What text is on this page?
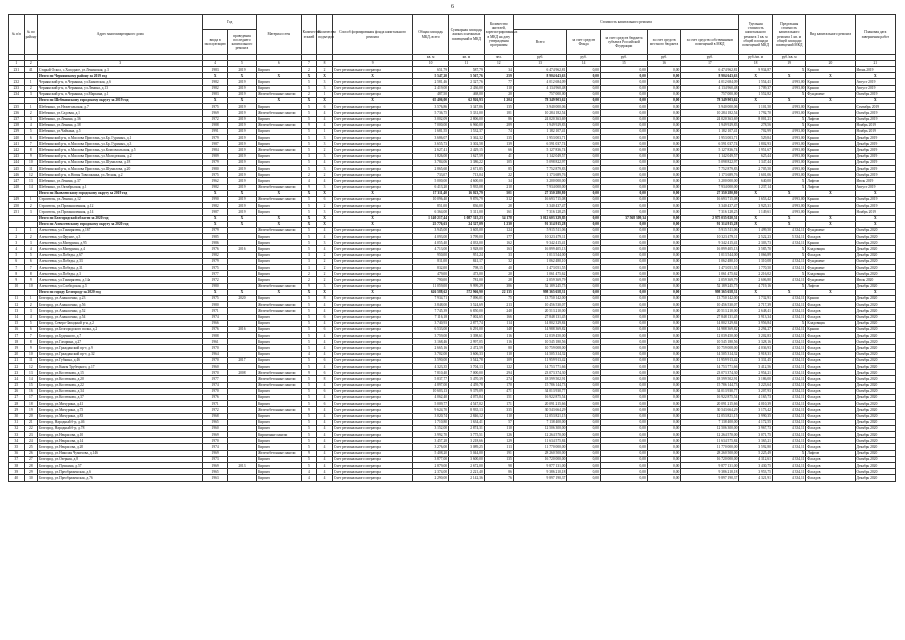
6
№ п/п	№ по району	Адрес многоквартирного дома	Год		Материал стен	Количество этажей	Количество подъездов	Способ формирования фонда капитального ремонта	Общая площадь МКД, всего	Суммарная площадь жилых и нежилых помещений в МКД	Количество жителей, зарегистрированных в МКД на дату утверждения программы	Стоимость капитального ремонта					Удельная стоимость капитального ремонта 1 кв. м общей площади помещений МКД	Предельная стоимость капитального ремонта 1 кв. м общей площади помещений МКД	Вид капитального ремонта	Плановая дата завершения работ
			ввода в эксплуатацию	проведения последнего капитального ремонта								Всего	за счет средств Фонда	за счет средств бюджета субъекта Российской Федерации	за счет средств местного бюджета	за счет средств собственников помещений в МКД				
									кв. м	кв. м	чел.	руб.	руб.	руб.	руб.	руб.	руб./кв. м	руб./кв. м		
1	2	3	4	5	6	7	8	9	10	11	12	13	14	15	16	17	18	19	20	21
231	41	Старый Оскол, с.Холодное, ул.Ленинская, д.3	1983	2019	Кирпич	2	2	Счет регионального оператора	651,79	587,79	34	6 474 962,81	0,00	0,00	0,00	6 474 962,81	9 934,87	X	Крыши	Июнь 2019
		Итого по Чернянскому району за 2019 год	X	X	X	X	X	X	5 547,20	5 567,76	259	8 904 643,63	0,00	0,00	0,00	8 904 643,63	X	X	X	X
232	1	Чернянский р-н, п.Чернянка, ул.Быковская, д.6	1982	2019	Кирпич	5	3	Счет регионального оператора	2 581,46	2 327,76	77	4 012 684,09	0,00	0,00	0,00	4 012 684,09	1 554,41	4 993,00	Крыши	Август 2019
233	2	Чернянский р-н, п.Чернянка, ул.Ленина, д.13	1982	2019	Кирпич	5	3	Счет регионального оператора	2 419,00	2 436,00	110	4 134 960,48	0,00	0,00	0,00	4 134 960,48	1 709,37	4 993,00	Крыши	Август 2019
234	3	Чернянский р-н, п.Чернянка, ул.Маркина, д.1	1983	2019	Железобетонные панели	2	1	Счет регионального оператора	487,50	468,00	20	757 000,00	0,00	0,00	0,00	757 000,00	1 552,82	X	Фундамент	Октябрь 2019
		Итого по Шебекинскому городскому округу за 2019 год	X	X	X	X	X	X	65 406,00	62 926,93	1 204	78 349 903,62	0,00	0,00	0,00	78 349 903,62	X	X	X	X
235	1	Шебекино, ул.Нежегольская, д.7	1975	2019	Кирпич	5	6	Счет регионального оператора	3 576,86	3 347,86	135	3 940 000,06	0,00	0,00	0,00	3 940 000,06	1 101,50	4 993,00	Крыши	Сентябрь 2019
236	2	Шебекино, ул.Садовая, д.1	1969	2019	Железобетонные панели	5	4	Счет регионального оператора	5 736,75	5 331,00	181	10 284 182,54	0,00	0,00	0,00	10 284 182,54	1 792,70	4 993,00	Крыши	Октябрь 2019
237	3	Шебекино, ул.Ленина, д.36	1972	2019	Кирпич	5	4	Счет регионального оператора	3 002,09	2 806,00	86	24 020 363,69	0,00	0,00	0,00	24 020 363,69	8 001,21	X	Лифтов	Октябрь 2019
238	4	Шебекино, ул.Ленина, д.38	1988	2019	Железобетонные панели	9	4	Счет регионального оператора	7 000,00	6 960,00	289	1 949 929,83	0,00	0,00	0,00	1 949 929,83	278,56	X	Крыши	Ноябрь 2019
239	5	Шебекино, ул.Чайкина, д.5	1991	2019	Кирпич	5	1	Счет регионального оператора	1 681,55	1 532,37	74	1 182 107,41	0,00	0,00	0,00	1 182 107,41	702,99	4 993,00	Крыши	Ноябрь 2019
240	6	Шебекинский р-н, п.Маслова Пристань, ул.Бр. Гуриных, д.1	1979	2019	Кирпич	5	3	Счет регионального оператора	3 686,07	3 362,32	135	1 953 003,71	0,00	0,00	0,00	1 953 003,71	529,84	4 993,00	Крыши	Декабрь 2019
241	7	Шебекинский р-н, п.Маслова Пристань, ул.Бр. Гуриных, д.3	1987	2019	Кирпич	5	3	Счет регионального оператора	3 655,73	3 302,58	139	6 591 037,74	0,00	0,00	0,00	6 591 037,74	1 802,93	4 993,00	Крыши	Декабрь 2019
242	8	Шебекинский р-н, п.Маслова Пристань, ул.Комсомольская, д.5	1984	2019	Железобетонные панели	5	2	Счет регионального оператора	2 627,41	2 429,15	66	5 127 836,74	0,00	0,00	0,00	5 127 836,74	1 951,67	4 993,00	Крыши	Декабрь 2019
243	9	Шебекинский р-н, п.Маслова Пристань, ул.Молодежная, д.2	1989	2019	Кирпич	3	3	Счет регионального оператора	1 826,00	1 627,59	41	1 142 049,57	0,00	0,00	0,00	1 142 049,57	625,44	4 993,00	Крыши	Декабрь 2019
244	10	Шебекинский р-н, п.Маслова Пристань, ул.Шумилова, д.18	1979	2019	Кирпич	5	4	Счет регионального оператора	3 784,06	3 386,22	105	5 098 822,97	0,00	0,00	0,00	5 098 822,97	1 347,44	4 993,00	Крыши	Декабрь 2019
245	11	Шебекинский р-н, п.Маслова Пристань, ул.Шумилова, д.20	1980	2019	Кирпич	5	3	Счет регионального оператора	2 865,60	2 671,85	85	7 752 879,83	0,00	0,00	0,00	7 752 879,83	2 705,50	4 993,00	Крыши	Декабрь 2019
246	12	Шебекинский р-н, п.Новая Таволжанка, ул.Лесная, д.2	1975	2019	Кирпич	2	2	Счет регионального оператора	733,07	713,04	22	1 173 689,76	0,00	0,00	0,00	1 173 689,76	1 601,06	4 993,00	Крыши	Октябрь 2019
247	13	Шебекино, ул.Ленина, д.37	1962	2019	Кирпич	4	4	Счет регионального оператора	5 000,00	4 600,00	34	3 200 000,00	0,00	0,00	0,00	3 200 000,00	640,00	X	Лифтов	Июль 2019
248	14	Шебекино, ул.Октябрьская, д.1	1982	2019	Железобетонные панели	9	3	Счет регионального оператора	6 413,20	5 935,08	210	7 934 000,00	0,00	0,00	0,00	7 934 000,00	1 237,14	X	Лифтов	Август 2019
		Итого по Яковлевскому городскому округу за 2019 год	X	X	X	X	X	X	17 311,40	16 023,79	501	27 350 280,80	0,00	0,00	0,00	27 350 280,80	X	X	X	X
249	1	Строитель, ул.Ленина, д.12	1990	2019	Железобетонные панели	5	6	Счет регионального оператора	10 096,40	9 876,79	312	16 693 715,08	0,00	0,00	0,00	16 693 715,08	1 653,42	4 993,00	Крыши	Октябрь 2019
250	2	Строитель, ул.Промышленная, д.12	1982	2019	Кирпич	5	2	Счет регионального оператора	851,00	836,00	28	3 340 437,47	0,00	0,00	0,00	3 340 437,47	3 925,31	4 993,00	Крыши	Октябрь 2019
251	3	Строитель, ул.Промышленная, д.14	1987	2019	Кирпич	5	3	Счет регионального оператора	6 364,00	5 311,00	161	7 316 128,25	0,00	0,00	0,00	7 316 128,25	1 149,61	4 993,00	Крыши	Ноябрь 2019
		Итого по Белгородской области за 2020 год	X	X	X	X	X	X	1 140 217,44	1 087 315,23	34 178	3 012 603 329,85	0,00	37 568 309,34	0,00	2 975 035 020,51	X	X	X	X
		Итого по Алексеевскому городскому округу за 2020 год	X	X	X	X	X	X	25 776,63	24 327,09	1 230	91 314 915,28	0,00	0,00	0,00	91 314 915,28	X	X	X	X
1	1	Алексеевка, ул.Тимирязева, д.167	1979		Железобетонные панели	5	4	Счет регионального оператора	3 945,00	3 605,00	124	5 915 511,06	0,00	0,00	0,00	5 915 511,06	1 499,50	4 334,11	Фундамент	Октябрь 2020
2	2	Алексеевка, ул.Фрунзе, д.3	1985		Кирпич	5	4	Счет регионального оператора	4 093,00	3 799,00	177	10 323 479,11	0,00	0,00	0,00	10 323 479,11	2 522,23	5 334,11	Фасадов	Октябрь 2020
3	3	Алексеевка, ул.Мичурина, д.95	1986		Кирпич	5	3	Счет регионального оператора	4 055,40	4 033,00	162	9 342 415,41	0,00	0,00	0,00	9 342 415,41	2 303,73	4 334,11	Крыши	Октябрь 2020
4	4	Алексеевка, ул.Мичурина, д.4	1976	2016	Кирпич	5	4	Счет регионального оператора	4 713,00	3 928,00	163	16 899 405,13	0,00	0,00	0,00	16 899 405,13	3 585,70	X	Кладовщик	Декабрь 2020
5	5	Алексеевка, ул.Победы, д.67	1982		Кирпич	3	2	Счет регионального оператора	950,00	951,24	33	1 013 544,00	0,00	0,00	0,00	1 013 544,00	1 066,89	X	Фасадов	Декабрь 2020
6	6	Алексеевка, ул.Победы, д.33	1979		Кирпич	3	2	Счет регионального оператора	811,00	841,17	32	1 062 480,10	0,00	0,00	0,00	1 062 480,10	1 310,08	4 334,11	Фундамент	Октябрь 2020
7	7	Алексеевка, ул.Победы, д.31	1975		Кирпич	3	2	Счет регионального оператора	832,00	798,15	40	1 473 051,55	0,00	0,00	0,00	1 473 051,55	1 770,50	4 334,11	Фундамент	Октябрь 2020
8	8	Алексеевка, ул.Победы, д.3	1977		Кирпич	2	2	Счет регионального оператора	479,00	473,00	20	1 061 475,62	0,00	0,00	0,00	1 061 475,62	2 216,02	X	Кладовщик	Октябрь 2020
9	9	Алексеевка, ул.Тимирязева, д.14а	1972		Кирпич	2	2	Счет регионального оператора	790,00	781,00	28	2 059 369,79	0,00	0,00	0,00	2 059 369,79	2 606,80	4 334,11	Фундамент	Июль 2020
10	10	Алексеевка, ул.Слободская, д.5	1980		Железобетонные панели	9	3	Счет регионального оператора	11 059,00	9 999,29	386	52 189 245,75	0,00	0,00	0,00	52 189 245,75	4 719,16	X	Лифтов	Декабрь 2020
		Итого по городу Белгороду за 2020 год	X	X	X	X	X	X	626 588,62	572 966,90	22 135	998 365 658,31	0,00	0,00	0,00	998 365 658,31	X	X	X	X
11	1	Белгород, ул.Апанасенко, д.23	1975	2020	Кирпич	5	8	Счет регионального оператора	7 934,71	7 096,01	75	13 750 142,00	0,00	0,00	0,00	13 750 142,00	1 732,91	4 334,11	Крыши	Декабрь 2020
12	2	Белгород, ул.Апанасенко, д.56	1980		Железобетонные панели	5	4	Счет регионального оператора	3 848,00	3 524,69	213	10 456 530,07	0,00	0,00	0,00	10 456 530,07	2 717,39	4 334,11	Фасадов	Октябрь 2020
13	3	Белгород, ул.Апанасенко, д.52	1971		Железобетонные панели	5	4	Счет регионального оператора	7 745,39	6 850,00	248	20 513 210,00	0,00	0,00	0,00	20 513 210,00	2 648,41	4 334,11	Фасадов	Декабрь 2020
14	4	Белгород, ул.Апанасенко, д.54	1974		Кирпич	5	6	Счет регионального оператора	7 116,18	7 002,65	166	27 848 131,45	0,00	0,00	0,00	27 848 131,45	3 913,34	4 334,11	Фасадов	Октябрь 2020
15	5	Белгород, Северо-Западный р-н, д.2	1966		Кирпич	5	4	Счет регионального оператора	3 740,93	2 877,74	114	14 802 329,84	0,00	0,00	0,00	14 802 329,84	3 956,84	X	Кладовщик	Декабрь 2020
16	6	Белгород, ул.Белгородского полка, д.2	1976	2016	Кирпич	5	6	Счет регионального оператора	6 533,00	6 291,00	148	14 988 369,82	0,00	0,00	0,00	14 988 369,82	2 294,27	4 334,11	Крыши	Октябрь 2020
17	7	Белгород, ул.Буденного, д.7	1988		Кирпич	5	4	Счет регионального оператора	3 759,00	3 398,61	116	12 039 450,00	0,00	0,00	0,00	12 039 450,00	3 202,83	4 334,11	Фасадов	Декабрь 2020
18	8	Белгород, ул.Гагарина, д.27	1961		Кирпич	5	4	Счет регионального оператора	3 168,46	2 997,05	116	10 545 180,56	0,00	0,00	0,00	10 545 180,56	3 328,16	4 334,11	Фасадов	Октябрь 2020
19	9	Белгород, ул.Гражданский пр-т, д.9	1970		Кирпич	5	4	Счет регионального оператора	2 665,16	2 472,59	80	10 759 008,00	0,00	0,00	0,00	10 759 008,00	4 036,93	4 334,11	Фасадов	Декабрь 2020
20	10	Белгород, ул.Гражданский пр-т, д.32	1964		Кирпич	4	4	Счет регионального оператора	3 702,00	3 606,33	110	14 505 314,32	0,00	0,00	0,00	14 505 314,32	3 918,31	4 334,11	Фасадов	Октябрь 2020
21	11	Белгород, ул.Губкина, д.46	1970	2017	Кирпич	5	6	Счет регионального оператора	3 590,00	3 542,78	109	11 959 913,42	0,00	0,00	0,00	11 959 913,42	3 331,45	4 334,11	Фасадов	Октябрь 2020
22	12	Белгород, ул.Князя Трубецкого, д.17	1960		Кирпич	5	4	Счет регионального оператора	4 323,35	3 704,13	122	14 753 771,66	0,00	0,00	0,00	14 753 771,66	3 412,56	4 334,11	Фасадов	Декабрь 2020
23	13	Белгород, ул.Костюкова, д.15	1970	2008	Железобетонные панели	9	6	Счет регионального оператора	7 810,40	7 000,00	294	23 073 374,30	0,00	0,00	0,00	23 073 374,30	2 954,21	4 334,11	Фасадов	Декабрь 2020
24	14	Белгород, ул.Костюкова, д.20	1977		Железобетонные панели	5	8	Счет регионального оператора	5 837,77	5 470,39	274	18 599 502,91	0,00	0,00	0,00	18 599 502,91	3 186,00	4 334,11	Фасадов	Октябрь 2020
25	15	Белгород, ул.Костюкова, д.22	1974		Железобетонные панели	5	4	Счет регионального оператора	4 897,00	4 459,78	170	15 786 144,73	0,00	0,00	0,00	15 786 144,73	3 223,64	4 334,11	Фасадов	Декабрь 2020
26	16	Белгород, ул.Костюкова, д.34	1970		Кирпич	5	6	Счет регионального оператора	10 603,13	9 379,09	471	34 013 930,77	0,00	0,00	0,00	34 013 930,77	3 207,93	4 334,11	Фасадов	Октябрь 2020
27	17	Белгород, ул.Костюкова, д.37	1976		Кирпич	5	4	Счет регионального оператора	4 062,40	4 075,84	151	16 922 875,54	0,00	0,00	0,00	16 922 875,54	4 165,73	4 334,11	Фасадов	Декабрь 2020
28	18	Белгород, ул.Мичурина, д.41	1971		Кирпич	5	6	Счет регионального оператора	5 009,77	4 547,02	171	20 091 215,66	0,00	0,00	0,00	20 091 215,66	4 010,39	4 334,11	Фасадов	Октябрь 2020
29	19	Белгород, ул.Мичурина, д.75	1972		Железобетонные панели	9	4	Счет регионального оператора	9 624,70	8 935,13	335	30 543 664,29	0,00	0,00	0,00	30 543 664,29	3 173,42	4 334,11	Фасадов	Декабрь 2020
30	20	Белгород, ул.Мичурина, д.83	1968		Кирпич	5	4	Счет регионального оператора	3 020,74	2 846,12	110	12 053 821,15	0,00	0,00	0,00	12 053 821,15	3 990,35	4 334,11	Фасадов	Октябрь 2020
31	21	Белгород, Народный б-р, д.46	1965		Кирпич	5	4	Счет регионального оператора	1 710,80	1 634,41	57	7 138 400,00	0,00	0,00	0,00	7 138 400,00	4 172,55	4 334,11	Фасадов	Декабрь 2020
32	22	Белгород, Народный б-р, д.78	1960		Кирпич	5	4	Счет регионального оператора	3 152,00	2 874,31	110	12 506 300,00	0,00	0,00	0,00	12 506 300,00	3 967,73	4 334,11	Фасадов	Октябрь 2020
33	23	Белгород, ул.Некрасова, д.10	1969		Кирпичные панели	5	4	Счет регионального оператора	3 992,70	3 775,51	126	12 264 570,00	0,00	0,00	0,00	12 264 570,00	3 071,75	4 334,11	Фасадов	Декабрь 2020
34	24	Белгород, ул.Некрасова, д.14	1970		Кирпич	5	4	Счет регионального оператора	3 457,28	3 218,66	129	11 634 575,84	0,00	0,00	0,00	11 634 575,84	3 365,21	4 334,11	Фасадов	Октябрь 2020
35	25	Белгород, ул.Некрасова, д.20	1974		Кирпич	5	4	Счет регионального оператора	3 276,00	3 089,25	113	11 770 000,00	0,00	0,00	0,00	11 770 000,00	3 592,80	4 334,11	Фасадов	Декабрь 2020
36	26	Белгород, ул.Николая Чумичова, д.146	1969		Железобетонные панели	9	4	Счет регионального оператора	5 408,20	5 044,00	191	28 260 500,00	0,00	0,00	0,00	28 260 500,00	5 225,49	X	Лифтов	Декабрь 2020
37	27	Белгород, ул.Озерная, д.8	1973		Кирпич	5	4	Счет регионального оператора	3 877,00	3 600,00	135	16 720 000,00	0,00	0,00	0,00	16 720 000,00	4 312,61	4 334,11	Фасадов	Октябрь 2020
38	28	Белгород, ул.Пушкина, д.57	1969	2013	Кирпич	5	4	Счет регионального оператора	2 879,00	2 672,00	98	9 877 131,00	0,00	0,00	0,00	9 877 131,00	3 430,75	4 334,11	Фасадов	Декабрь 2020
39	29	Белгород, ул.Преображенская, д.6	1965		Кирпич	4	4	Счет регионального оператора	2 374,00	2 221,40	86	9 386 210,18	0,00	0,00	0,00	9 386 210,18	3 953,75	4 334,11	Фасадов	Октябрь 2020
40	30	Белгород, ул.Преображенская, д.76	1963		Кирпич	4	4	Счет регионального оператора	2 290,00	2 142,36	76	9 897 190,37	0,00	0,00	0,00	9 897 190,37	4 321,91	4 334,11	Фасадов	Декабрь 2020
